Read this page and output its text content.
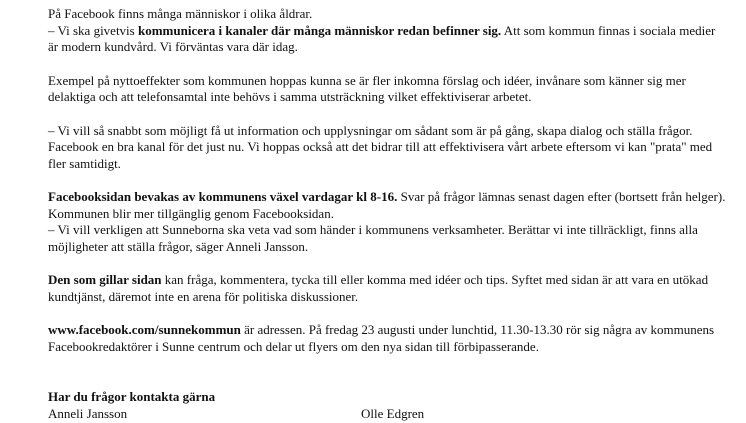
På Facebook finns många människor i olika åldrar.
– Vi ska givetvis kommunicera i kanaler där många människor redan befinner sig. Att som kommun finnas i sociala medier är modern kundvård. Vi förväntas vara där idag.

Exempel på nyttoeffekter som kommunen hoppas kunna se är fler inkomna förslag och idéer, invånare som känner sig mer delaktiga och att telefonsamtal inte behövs i samma utsträckning vilket effektiviserar arbetet.

– Vi vill så snabbt som möjligt få ut information och upplysningar om sådant som är på gång, skapa dialog och ställa frågor. Facebook en bra kanal för det just nu. Vi hoppas också att det bidrar till att effektivisera vårt arbete eftersom vi kan "prata" med fler samtidigt.

Facebooksidan bevakas av kommunens växel vardagar kl 8-16. Svar på frågor lämnas senast dagen efter (bortsett från helger). Kommunen blir mer tillgänglig genom Facebooksidan.
– Vi vill verkligen att Sunneborna ska veta vad som händer i kommunens verksamheter. Berättar vi inte tillräckligt, finns alla möjligheter att ställa frågor, säger Anneli Jansson.

Den som gillar sidan kan fråga, kommentera, tycka till eller komma med idéer och tips. Syftet med sidan är att vara en utökad kundtjänst, däremot inte en arena för politiska diskussioner.

www.facebook.com/sunnekommun är adressen. På fredag 23 augusti under lunchtid, 11.30-13.30 rör sig några av kommunens Facebookredaktörer i Sunne centrum och delar ut flyers om den nya sidan till förbipasserande.

Har du frågor kontakta gärna
Anneli Jansson	Olle Edgren
